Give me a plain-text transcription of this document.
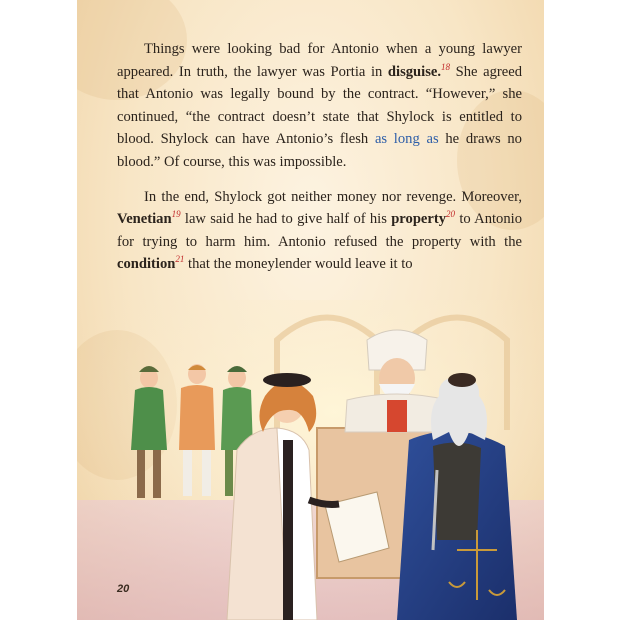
Things were looking bad for Antonio when a young lawyer appeared. In truth, the lawyer was Portia in disguise.$^{18}$ She agreed that Antonio was legally bound by the contract. “However,” she continued, “the contract doesn’t state that Shylock is entitled to blood. Shylock can have Antonio’s flesh as long as he draws no blood.” Of course, this was impossible.

In the end, Shylock got neither money nor revenge. Moreover, Venetian$^{19}$ law said he had to give half of his property$^{20}$ to Antonio for trying to harm him. Antonio refused the property with the condition$^{21}$ that the moneylender would leave it to

20
